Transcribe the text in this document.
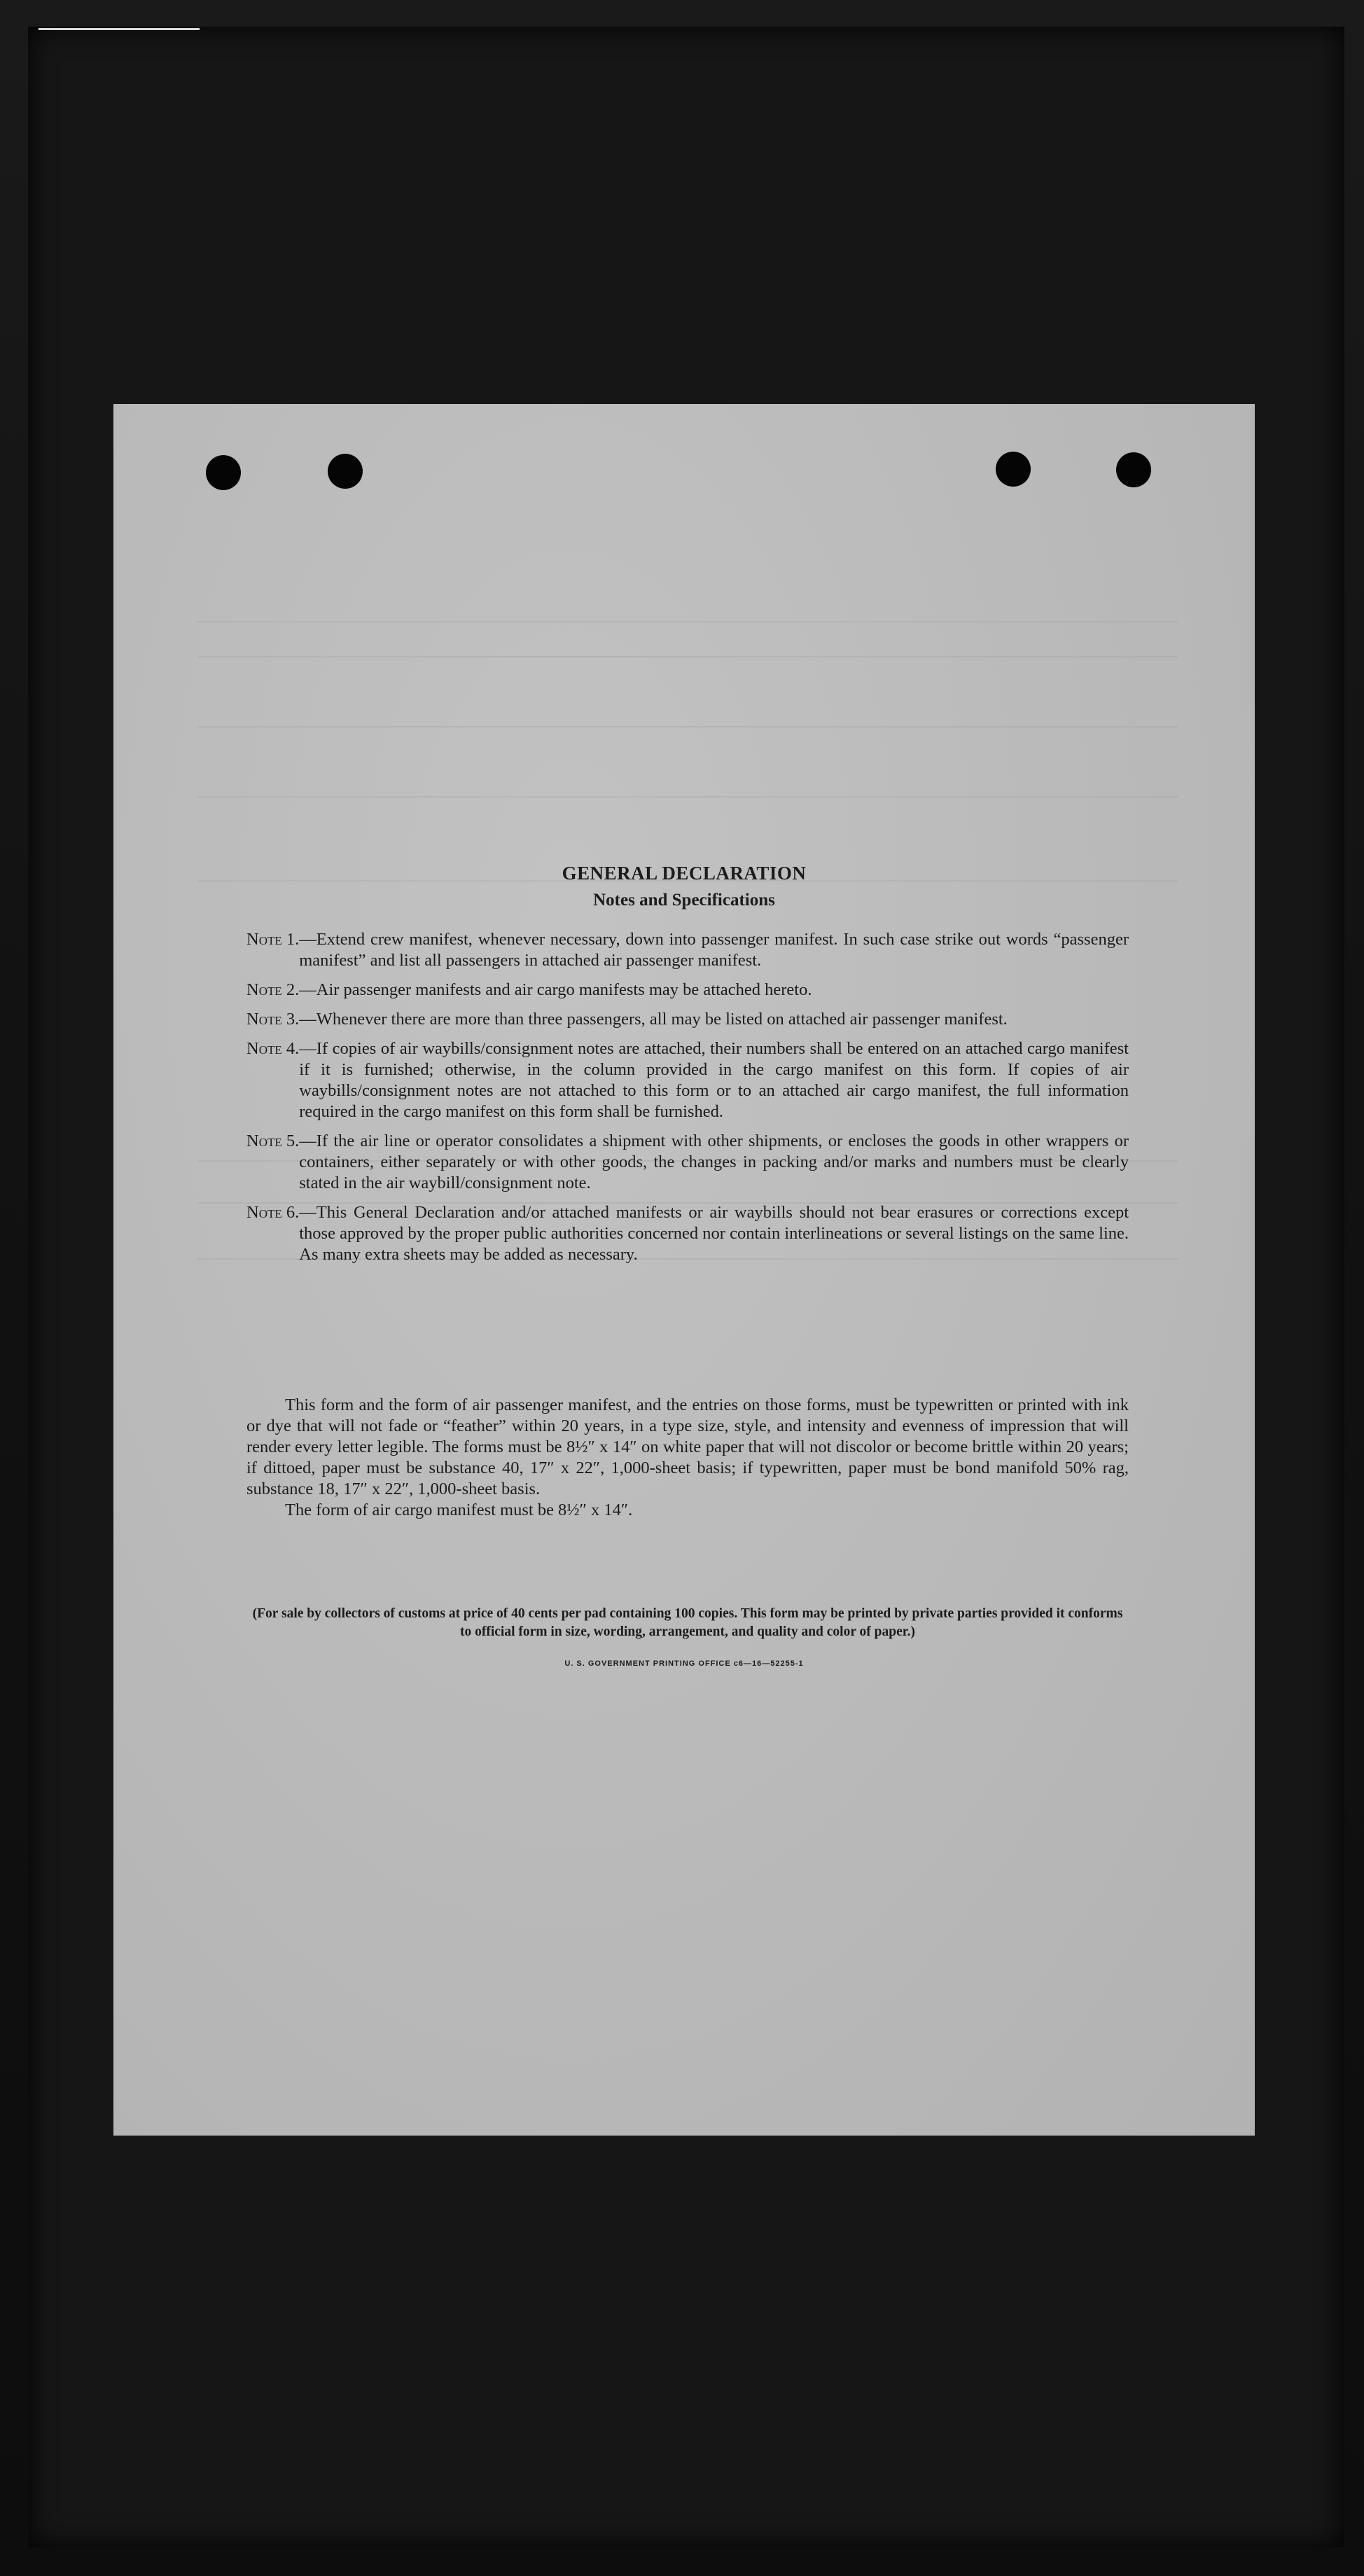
GENERAL DECLARATION
Notes and Specifications
Note 1. —Extend crew manifest, whenever necessary, down into passenger manifest. In such case strike out words “passenger manifest” and list all passengers in attached air passenger manifest.
Note 2. —Air passenger manifests and air cargo manifests may be attached hereto.
Note 3. —Whenever there are more than three passengers, all may be listed on attached air passenger manifest.
Note 4. —If copies of air waybills/consignment notes are attached, their numbers shall be entered on an attached cargo manifest if it is furnished; otherwise, in the column provided in the cargo manifest on this form. If copies of air waybills/consignment notes are not attached to this form or to an attached air cargo manifest, the full information required in the cargo manifest on this form shall be furnished.
Note 5. —If the air line or operator consolidates a shipment with other shipments, or encloses the goods in other wrappers or containers, either separately or with other goods, the changes in packing and/or marks and numbers must be clearly stated in the air waybill/consignment note.
Note 6. —This General Declaration and/or attached manifests or air waybills should not bear erasures or corrections except those approved by the proper public authorities concerned nor contain interlineations or several listings on the same line. As many extra sheets may be added as necessary.

This form and the form of air passenger manifest, and the entries on those forms, must be typewritten or printed with ink or dye that will not fade or “feather” within 20 years, in a type size, style, and intensity and evenness of impression that will render every letter legible. The forms must be 8½″ x 14″ on white paper that will not discolor or become brittle within 20 years; if dittoed, paper must be substance 40, 17″ x 22″, 1,000-sheet basis; if typewritten, paper must be bond manifold 50% rag, substance 18, 17″ x 22″, 1,000-sheet basis.

The form of air cargo manifest must be 8½″ x 14″.

(For sale by collectors of customs at price of 40 cents per pad containing 100 copies. This form may be printed by private parties provided it conforms to official form in size, wording, arrangement, and quality and color of paper.)
U. S. GOVERNMENT PRINTING OFFICE c6—16—52255-1
